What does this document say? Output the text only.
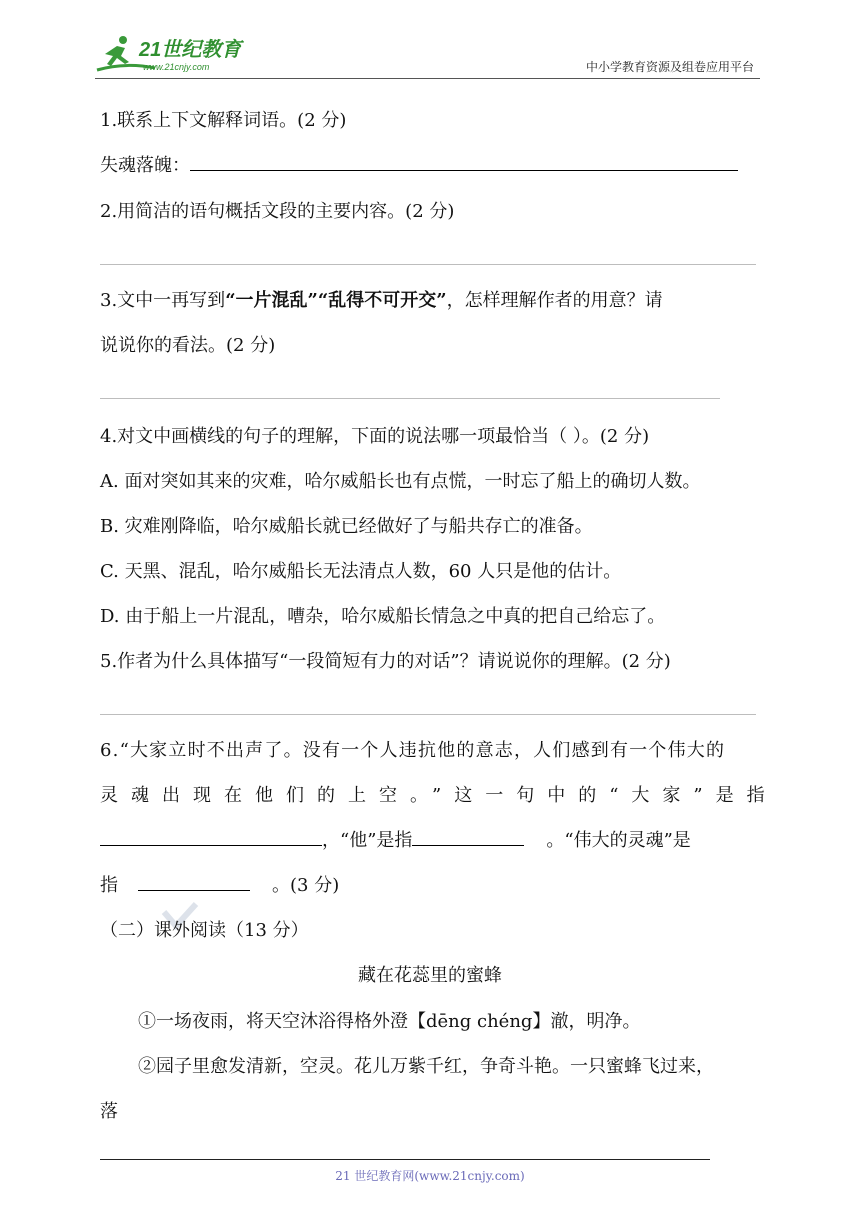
21世纪教育
www.21cnjy.com	中小学教育资源及组卷应用平台
1.联系上下文解释词语。(2 分)
失魂落魄：
2.用简洁的语句概括文段的主要内容。(2 分)
3.文中一再写到“一片混乱”“乱得不可开交”，怎样理解作者的用意？请
说说你的看法。(2 分)
4.对文中画横线的句子的理解，下面的说法哪一项最恰当（ ）。(2 分)
A. 面对突如其来的灾难，哈尔威船长也有点慌，一时忘了船上的确切人数。
B. 灾难刚降临，哈尔威船长就已经做好了与船共存亡的准备。
C. 天黑、混乱，哈尔威船长无法清点人数，60 人只是他的估计。
D. 由于船上一片混乱，嘈杂，哈尔威船长情急之中真的把自己给忘了。
5.作者为什么具体描写“一段简短有力的对话”？请说说你的理解。(2 分)
6.“大家立时不出声了。没有一个人违抗他的意志，人们感到有一个伟大的
灵魂出现在他们的上空。”这一句中的“大家”是指
，“他”是指	。“伟大的灵魂”是
指	。(3 分)
（二）课外阅读（13 分）
藏在花蕊里的蜜蜂
①一场夜雨，将天空沐浴得格外澄【dēng chéng】澈，明净。
②园子里愈发清新，空灵。花儿万紫千红，争奇斗艳。一只蜜蜂飞过来，
落
21 世纪教育网(www.21cnjy.com)
